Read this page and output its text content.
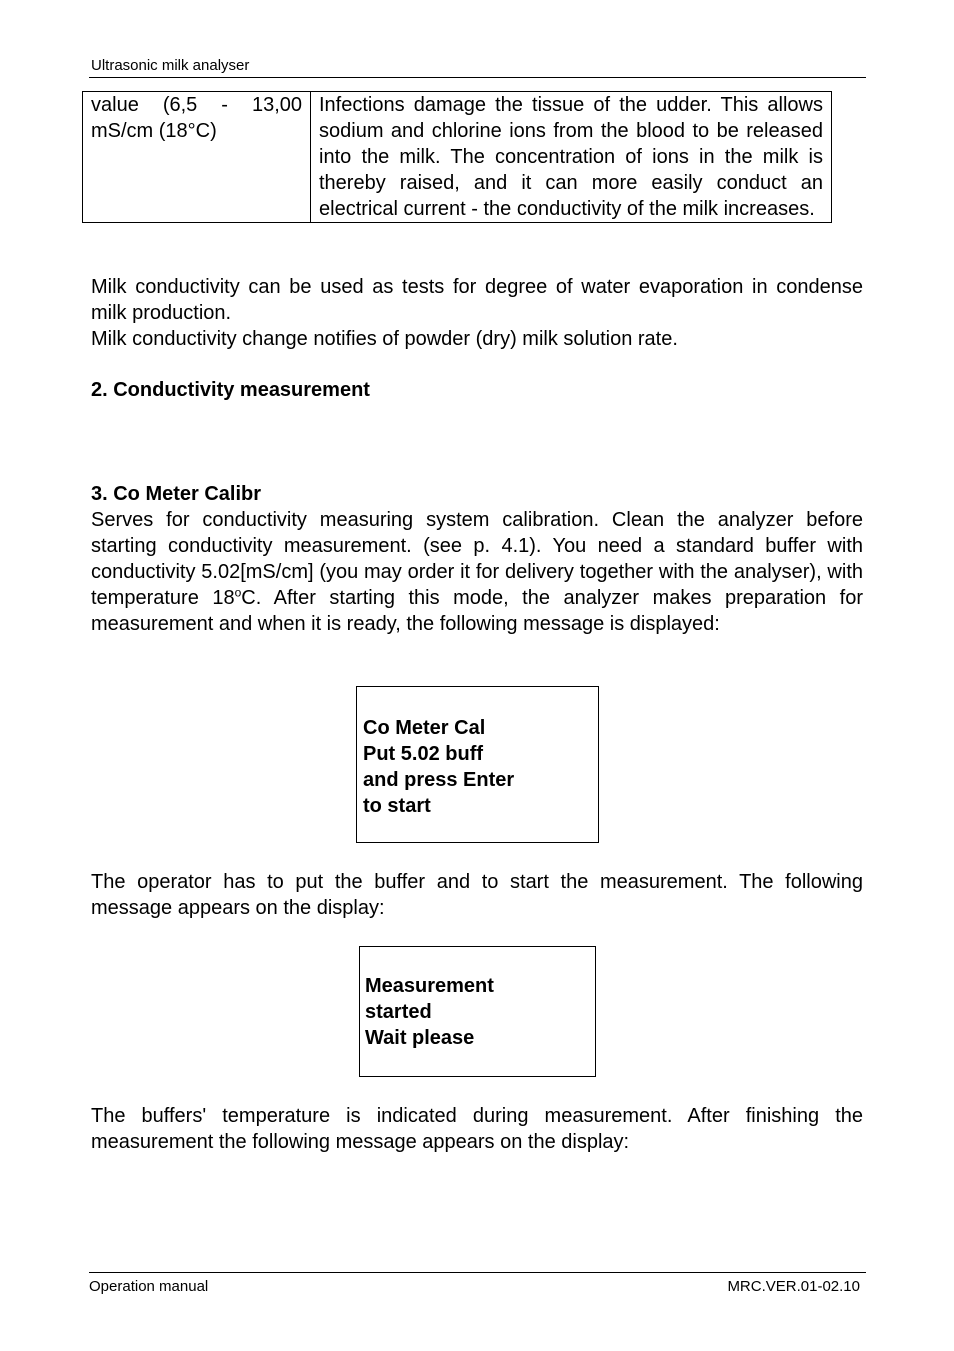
Ultrasonic milk analyser
value (6,5 - 13,00 mS/cm (18°C)	Infections damage the tissue of the udder. This allows sodium and chlorine ions from the blood to be released into the milk. The concentration of ions in the milk is thereby raised, and it can more easily conduct an electrical current - the conductivity of the milk increases.
Milk conductivity can be used as tests for degree of water evaporation in condense milk production.
Milk conductivity change notifies of powder (dry) milk solution rate.
2. Conductivity measurement
3. Co Meter Calibr
Serves for conductivity measuring system calibration. Clean the analyzer before starting conductivity measurement. (see p. 4.1). You need a standard buffer with conductivity 5.02[mS/cm] (you may order it for delivery together with the analyser), with temperature 18$^o$C. After starting this mode, the analyzer makes preparation for measurement and when it is ready, the following message is displayed:
Co Meter Cal
Put 5.02 buff
and press Enter
to start
The operator has to put the buffer and to start the measurement. The following message appears on the display:
Measurement
started
Wait please
The buffers' temperature is indicated during measurement. After finishing the measurement the following message appears on the display:
Operation manual	MRC.VER.01-02.10
